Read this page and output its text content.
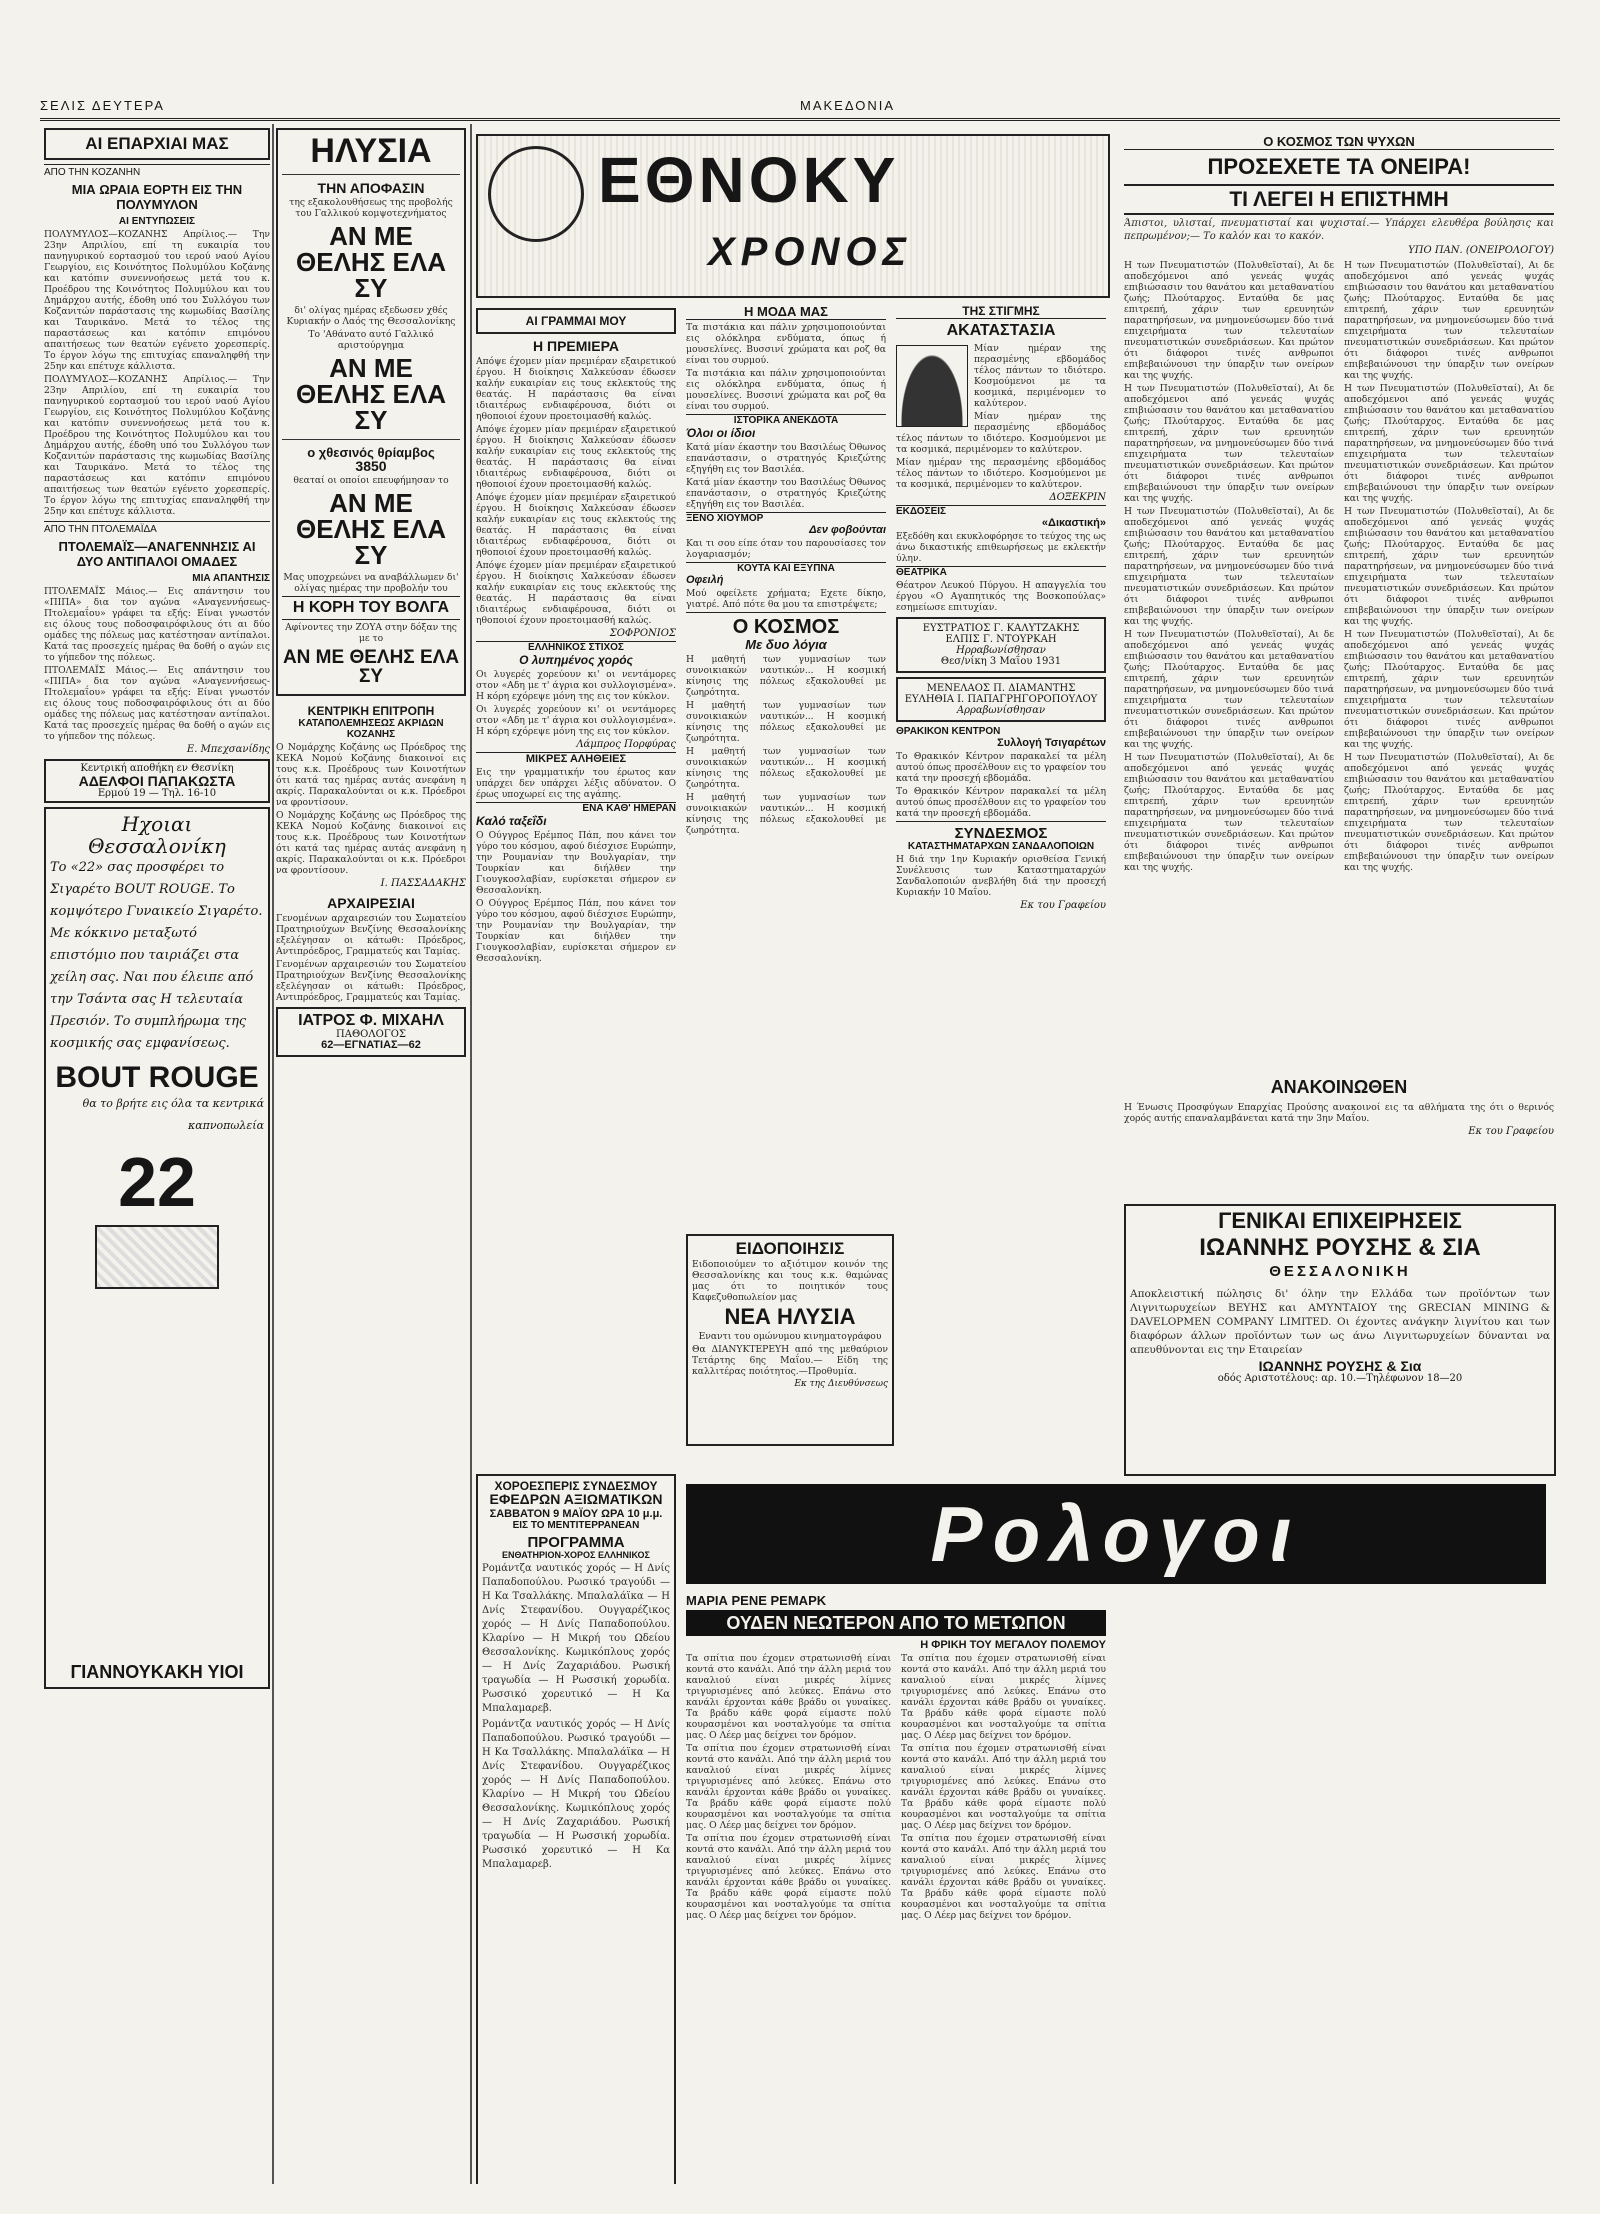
ΣΕΛΙΣ ΔΕΥΤΕΡΑ	ΜΑΚΕΔΟΝΙΑ
ΑΙ ΕΠΑΡΧΙΑΙ ΜΑΣ
ΑΠΟ ΤΗΝ ΚΟΖΑΝΗΝ
ΜΙΑ ΩΡΑΙΑ ΕΟΡΤΗ ΕΙΣ ΤΗΝ ΠΟΛΥΜΥΛΟΝ
ΑΙ ΕΝΤΥΠΩΣΕΙΣ
ΠΟΛΥΜΥΛΟΣ—ΚΟΖΑΝΗΣ Απρίλιος.— Την 23ην Απριλίου, επί τη ευκαιρία του πανηγυρικού εορτασμού του ιερού ναού Αγίου Γεωργίου, εις Κοινότητος Πολυμύλου Κοζάνης και κατόπιν συνεννοήσεως μετά του κ. Προέδρου της Κοινότητος Πολυμύλου και του Δημάρχου αυτής, έδοθη υπό του Συλλόγου των Κοζανιτών παράστασις της κωμωδίας Βασίλης και Ταυρικάνο. Μετά το τέλος της παραστάσεως και κατόπιν επιμόνου απαιτήσεως των θεατών εγένετο χορεσπερίς. Το έργον λόγω της επιτυχίας επαναληφθή την 25ην και επέτυχε κάλλιστα.
ΠΟΛΥΜΥΛΟΣ—ΚΟΖΑΝΗΣ Απρίλιος.— Την 23ην Απριλίου, επί τη ευκαιρία του πανηγυρικού εορτασμού του ιερού ναού Αγίου Γεωργίου, εις Κοινότητος Πολυμύλου Κοζάνης και κατόπιν συνεννοήσεως μετά του κ. Προέδρου της Κοινότητος Πολυμύλου και του Δημάρχου αυτής, έδοθη υπό του Συλλόγου των Κοζανιτών παράστασις της κωμωδίας Βασίλης και Ταυρικάνο. Μετά το τέλος της παραστάσεως και κατόπιν επιμόνου απαιτήσεως των θεατών εγένετο χορεσπερίς. Το έργον λόγω της επιτυχίας επαναληφθή την 25ην και επέτυχε κάλλιστα.
ΑΠΟ ΤΗΝ ΠΤΟΛΕΜΑΪΔΑ
ΠΤΟΛΕΜΑΪΣ—ΑΝΑΓΕΝΝΗΣΙΣ ΑΙ ΔΥΟ ΑΝΤΙΠΑΛΟΙ ΟΜΑΔΕΣ
ΜΙΑ ΑΠΑΝΤΗΣΙΣ
ΠΤΟΛΕΜΑΪΣ Μάιος.— Εις απάντησιν του «ΠΙΠΑ» δια τον αγώνα «Αναγεννήσεως-Πτολεμαΐου» γράφει τα εξής: Είναι γνωστόν εις όλους τους ποδοσφαιρόφιλους ότι αι δύο ομάδες της πόλεως μας κατέστησαν αντίπαλοι. Κατά τας προσεχείς ημέρας θα δοθή ο αγών εις το γήπεδον της πόλεως.
ΠΤΟΛΕΜΑΪΣ Μάιος.— Εις απάντησιν του «ΠΙΠΑ» δια τον αγώνα «Αναγεννήσεως-Πτολεμαΐου» γράφει τα εξής: Είναι γνωστόν εις όλους τους ποδοσφαιρόφιλους ότι αι δύο ομάδες της πόλεως μας κατέστησαν αντίπαλοι. Κατά τας προσεχείς ημέρας θα δοθή ο αγών εις το γήπεδον της πόλεως.
Ε. Μπεχσανίδης
Κεντρική αποθήκη εν Θεσνίκη
ΑΔΕΛΦΟΙ ΠΑΠΑΚΩΣΤΑ
Ερμού 19 — Τηλ. 16-10
Ηχοιαι Θεσσαλονίκη
Το «22» σας προσφέρει το Σιγαρέτο BOUT ROUGE. Το κομψότερο Γυναικείο Σιγαρέτο. Με κόκκινο μεταξωτό επιστόμιο που ταιριάζει στα χείλη σας. Ναι που έλειπε από την Τσάντα σας Η τελευταία Πρεσιόν. Το συμπλήρωμα της κοσμικής σας εμφανίσεως.
BOUT ROUGE
θα το βρήτε εις όλα τα κεντρικά καπνοπωλεία
22
ΓΙΑΝΝΟΥΚΑΚΗ ΥΙΟΙ
ΗΛΥΣΙΑ
ΤΗΝ ΑΠΟΦΑΣΙΝ
της εξακολουθήσεως της προβολής του Γαλλικού κομψοτεχνήματος
ΑΝ ΜΕ ΘΕΛΗΣ ΕΛΑ ΣΥ
δι' ολίγας ημέρας εξεδωσεν χθές Κυριακήν ο Λαός της Θεσσαλονίκης
Το 'Αθάνατο αυτό Γαλλικό αριστούργημα
ΑΝ ΜΕ ΘΕΛΗΣ ΕΛΑ ΣΥ
ο χθεσινός θρίαμβος
3850
θεαταί οι οποίοι επευφήμησαν το
ΑΝ ΜΕ ΘΕΛΗΣ ΕΛΑ ΣΥ
Μας υποχρεώνει να αναβάλλωμεν δι' ολίγας ημέρας την προβολήν του
Η ΚΟΡΗ ΤΟΥ ΒΟΛΓΑ
Αφίνοντες την ΖΟΥΑ στην δόξαν της με το
ΑΝ ΜΕ ΘΕΛΗΣ ΕΛΑ ΣΥ
ΚΕΝΤΡΙΚΗ ΕΠΙΤΡΟΠΗ
ΚΑΤΑΠΟΛΕΜΗΣΕΩΣ ΑΚΡΙΔΩΝ ΚΟΖΑΝΗΣ
Ο Νομάρχης Κοζάνης ως Πρόεδρος της ΚΕΚΑ Νομού Κοζάνης διακοινοί εις τους κ.κ. Προέδρους των Κοινοτήτων ότι κατά τας ημέρας αυτάς ανεφάνη η ακρίς. Παρακαλούνται οι κ.κ. Πρόεδροι να φροντίσουν.
Ο Νομάρχης Κοζάνης ως Πρόεδρος της ΚΕΚΑ Νομού Κοζάνης διακοινοί εις τους κ.κ. Προέδρους των Κοινοτήτων ότι κατά τας ημέρας αυτάς ανεφάνη η ακρίς. Παρακαλούνται οι κ.κ. Πρόεδροι να φροντίσουν.
Ι. ΠΑΣΣΑΔΑΚΗΣ
ΑΡΧΑΙΡΕΣΙΑΙ
Γενομένων αρχαιρεσιών του Σωματείου Πρατηριούχων Βενζίνης Θεσσαλονίκης εξελέγησαν οι κάτωθι: Πρόεδρος, Αντιπρόεδρος, Γραμματεύς και Ταμίας.
Γενομένων αρχαιρεσιών του Σωματείου Πρατηριούχων Βενζίνης Θεσσαλονίκης εξελέγησαν οι κάτωθι: Πρόεδρος, Αντιπρόεδρος, Γραμματεύς και Ταμίας.
ΙΑΤΡΟΣ Φ. ΜΙΧΑΗΛ
ΠΑΘΟΛΟΓΟΣ
62—ΕΓΝΑΤΙΑΣ—62
ΕΘΝΟΚΥ
ΧΡΟΝΟΣ
Ο ΚΟΣΜΟΣ ΤΩΝ ΨΥΧΩΝ
ΠΡΟΣΕΧΕΤΕ ΤΑ ΟΝΕΙΡΑ!
ΤΙ ΛΕΓΕΙ Η ΕΠΙΣΤΗΜΗ
Άπιστοι, υλισταί, πνευματισταί και ψυχισταί.— Υπάρχει ελευθέρα βούλησις και πεπρωμένον;— Το καλόν και το κακόν.
ΥΠΟ ΠΑΝ. (ΟΝΕΙΡΟΛΟΓΟΥ)
Η των Πνευματιστών (Πολυθεϊσταί), Αι δε αποδεχόμενοι από γενεάς ψυχάς επιβιώσασιν του θανάτου και μεταθανατίου ζωής; Πλούταρχος. Ενταύθα δε μας επιτρεπή, χάριν των ερευνητών παρατηρήσεων, να μνημονεύσωμεν δύο τινά επιχειρήματα των τελευταίων πνευματιστικών συνεδριάσεων. Και πρώτον ότι διάφοροι τινές ανθρωποι επιβεβαιώνουσι την ύπαρξιν των ονείρων και της ψυχής.
Η των Πνευματιστών (Πολυθεϊσταί), Αι δε αποδεχόμενοι από γενεάς ψυχάς επιβιώσασιν του θανάτου και μεταθανατίου ζωής; Πλούταρχος. Ενταύθα δε μας επιτρεπή, χάριν των ερευνητών παρατηρήσεων, να μνημονεύσωμεν δύο τινά επιχειρήματα των τελευταίων πνευματιστικών συνεδριάσεων. Και πρώτον ότι διάφοροι τινές ανθρωποι επιβεβαιώνουσι την ύπαρξιν των ονείρων και της ψυχής.
Η των Πνευματιστών (Πολυθεϊσταί), Αι δε αποδεχόμενοι από γενεάς ψυχάς επιβιώσασιν του θανάτου και μεταθανατίου ζωής; Πλούταρχος. Ενταύθα δε μας επιτρεπή, χάριν των ερευνητών παρατηρήσεων, να μνημονεύσωμεν δύο τινά επιχειρήματα των τελευταίων πνευματιστικών συνεδριάσεων. Και πρώτον ότι διάφοροι τινές ανθρωποι επιβεβαιώνουσι την ύπαρξιν των ονείρων και της ψυχής.
Η των Πνευματιστών (Πολυθεϊσταί), Αι δε αποδεχόμενοι από γενεάς ψυχάς επιβιώσασιν του θανάτου και μεταθανατίου ζωής; Πλούταρχος. Ενταύθα δε μας επιτρεπή, χάριν των ερευνητών παρατηρήσεων, να μνημονεύσωμεν δύο τινά επιχειρήματα των τελευταίων πνευματιστικών συνεδριάσεων. Και πρώτον ότι διάφοροι τινές ανθρωποι επιβεβαιώνουσι την ύπαρξιν των ονείρων και της ψυχής.
Η των Πνευματιστών (Πολυθεϊσταί), Αι δε αποδεχόμενοι από γενεάς ψυχάς επιβιώσασιν του θανάτου και μεταθανατίου ζωής; Πλούταρχος. Ενταύθα δε μας επιτρεπή, χάριν των ερευνητών παρατηρήσεων, να μνημονεύσωμεν δύο τινά επιχειρήματα των τελευταίων πνευματιστικών συνεδριάσεων. Και πρώτον ότι διάφοροι τινές ανθρωποι επιβεβαιώνουσι την ύπαρξιν των ονείρων και της ψυχής.
Η των Πνευματιστών (Πολυθεϊσταί), Αι δε αποδεχόμενοι από γενεάς ψυχάς επιβιώσασιν του θανάτου και μεταθανατίου ζωής; Πλούταρχος. Ενταύθα δε μας επιτρεπή, χάριν των ερευνητών παρατηρήσεων, να μνημονεύσωμεν δύο τινά επιχειρήματα των τελευταίων πνευματιστικών συνεδριάσεων. Και πρώτον ότι διάφοροι τινές ανθρωποι επιβεβαιώνουσι την ύπαρξιν των ονείρων και της ψυχής.
Η των Πνευματιστών (Πολυθεϊσταί), Αι δε αποδεχόμενοι από γενεάς ψυχάς επιβιώσασιν του θανάτου και μεταθανατίου ζωής; Πλούταρχος. Ενταύθα δε μας επιτρεπή, χάριν των ερευνητών παρατηρήσεων, να μνημονεύσωμεν δύο τινά επιχειρήματα των τελευταίων πνευματιστικών συνεδριάσεων. Και πρώτον ότι διάφοροι τινές ανθρωποι επιβεβαιώνουσι την ύπαρξιν των ονείρων και της ψυχής.
Η των Πνευματιστών (Πολυθεϊσταί), Αι δε αποδεχόμενοι από γενεάς ψυχάς επιβιώσασιν του θανάτου και μεταθανατίου ζωής; Πλούταρχος. Ενταύθα δε μας επιτρεπή, χάριν των ερευνητών παρατηρήσεων, να μνημονεύσωμεν δύο τινά επιχειρήματα των τελευταίων πνευματιστικών συνεδριάσεων. Και πρώτον ότι διάφοροι τινές ανθρωποι επιβεβαιώνουσι την ύπαρξιν των ονείρων και της ψυχής.
Η των Πνευματιστών (Πολυθεϊσταί), Αι δε αποδεχόμενοι από γενεάς ψυχάς επιβιώσασιν του θανάτου και μεταθανατίου ζωής; Πλούταρχος. Ενταύθα δε μας επιτρεπή, χάριν των ερευνητών παρατηρήσεων, να μνημονεύσωμεν δύο τινά επιχειρήματα των τελευταίων πνευματιστικών συνεδριάσεων. Και πρώτον ότι διάφοροι τινές ανθρωποι επιβεβαιώνουσι την ύπαρξιν των ονείρων και της ψυχής.
Η των Πνευματιστών (Πολυθεϊσταί), Αι δε αποδεχόμενοι από γενεάς ψυχάς επιβιώσασιν του θανάτου και μεταθανατίου ζωής; Πλούταρχος. Ενταύθα δε μας επιτρεπή, χάριν των ερευνητών παρατηρήσεων, να μνημονεύσωμεν δύο τινά επιχειρήματα των τελευταίων πνευματιστικών συνεδριάσεων. Και πρώτον ότι διάφοροι τινές ανθρωποι επιβεβαιώνουσι την ύπαρξιν των ονείρων και της ψυχής.
ΑΝΑΚΟΙΝΩΘΕΝ
Η Ένωσις Προσφύγων Επαρχίας Προύσης ανακοινοί εις τα αθλήματα της ότι ο θερινός χορός αυτής επαναλαμβάνεται κατά την 3ην Μαΐου.
Εκ του Γραφείου
ΓΕΝΙΚΑΙ ΕΠΙΧΕΙΡΗΣΕΙΣ
ΙΩΑΝΝΗΣ ΡΟΥΣΗΣ & ΣΙΑ
ΘΕΣΣΑΛΟΝΙΚΗ
Αποκλειστική πώλησις δι' όλην την Ελλάδα των προϊόντων των Λιγνιτωρυχείων ΒΕΥΗΣ και ΑΜΥΝΤΑΙΟΥ της GRECIAN MINING & DAVELOPMEN COMPANY LIMITED. Οι έχοντες ανάγκην λιγνίτου και των διαφόρων άλλων προϊόντων των ως άνω Λιγνιτωρυχείων δύνανται να απευθύνονται εις την Εταιρείαν
ΙΩΑΝΝΗΣ ΡΟΥΣΗΣ & Σια
οδός Αριστοτέλους: αρ. 10.—Τηλέφωνον 18—20
ΑΙ ΓΡΑΜΜΑΙ ΜΟΥ
Η ΠΡΕΜΙΕΡΑ
Απόψε έχομεν μίαν πρεμιέραν εξαιρετικού έργου. Η διοίκησις Χαλκεύσαν έδωσεν καλήν ευκαιρίαν εις τους εκλεκτούς της θεατάς. Η παράστασις θα είναι ιδιαιτέρως ενδιαφέρουσα, διότι οι ηθοποιοί έχουν προετοιμασθή καλώς.
Απόψε έχομεν μίαν πρεμιέραν εξαιρετικού έργου. Η διοίκησις Χαλκεύσαν έδωσεν καλήν ευκαιρίαν εις τους εκλεκτούς της θεατάς. Η παράστασις θα είναι ιδιαιτέρως ενδιαφέρουσα, διότι οι ηθοποιοί έχουν προετοιμασθή καλώς.
Απόψε έχομεν μίαν πρεμιέραν εξαιρετικού έργου. Η διοίκησις Χαλκεύσαν έδωσεν καλήν ευκαιρίαν εις τους εκλεκτούς της θεατάς. Η παράστασις θα είναι ιδιαιτέρως ενδιαφέρουσα, διότι οι ηθοποιοί έχουν προετοιμασθή καλώς.
Απόψε έχομεν μίαν πρεμιέραν εξαιρετικού έργου. Η διοίκησις Χαλκεύσαν έδωσεν καλήν ευκαιρίαν εις τους εκλεκτούς της θεατάς. Η παράστασις θα είναι ιδιαιτέρως ενδιαφέρουσα, διότι οι ηθοποιοί έχουν προετοιμασθή καλώς.
ΣΟΦΡΟΝΙΟΣ
ΕΛΛΗΝΙΚΟΣ ΣΤΙΧΟΣ
Ο λυπημένος χορός
Οι λυγερές χορεύουν κι' οι νεντάμορες στον «Αδη με τ' άγρια κοι συλλογισμένα». Η κόρη εχόρεψε μόνη της εις τον κύκλον.
Οι λυγερές χορεύουν κι' οι νεντάμορες στον «Αδη με τ' άγρια κοι συλλογισμένα». Η κόρη εχόρεψε μόνη της εις τον κύκλον.
Λάμπρος Πορφύρας
ΜΙΚΡΕΣ ΑΛΗΘΕΙΕΣ
Εις την γραμματικήν του έρωτος καν υπάρχει δεν υπάρχει λέξις αδύνατον. Ο έρως υποχωρεί εις της αγάπης.
ΕΝΑ ΚΑΘ' ΗΜΕΡΑΝ
Καλό ταξεΐδι
Ο Ούγγρος Ερέμπος Πάπ, που κάνει τον γύρο του κόσμου, αφού διέσχισε Ευρώπην, την Ρουμανίαν την Βουλγαρίαν, την Τουρκίαν και διήλθεν την Γιουγκοσλαβίαν, ευρίσκεται σήμερον εν Θεσσαλονίκη.
Ο Ούγγρος Ερέμπος Πάπ, που κάνει τον γύρο του κόσμου, αφού διέσχισε Ευρώπην, την Ρουμανίαν την Βουλγαρίαν, την Τουρκίαν και διήλθεν την Γιουγκοσλαβίαν, ευρίσκεται σήμερον εν Θεσσαλονίκη.
Η ΜΟΔΑ ΜΑΣ
Τα πιστάκια και πάλιν χρησιμοποιούνται εις ολόκληρα ενδύματα, όπως ή μουσελίνες. Βυσσινί χρώματα και ροζ θα είναι του συρμού.
Τα πιστάκια και πάλιν χρησιμοποιούνται εις ολόκληρα ενδύματα, όπως ή μουσελίνες. Βυσσινί χρώματα και ροζ θα είναι του συρμού.
ΙΣΤΟΡΙΚΑ ΑΝΕΚΔΟΤΑ
Όλοι οι ίδιοι
Κατά μίαν έκαστην του Βασιλέως Όθωνος επανάστασιν, ο στρατηγός Κριεζώτης εξηγήθη εις τον Βασιλέα.
Κατά μίαν έκαστην του Βασιλέως Όθωνος επανάστασιν, ο στρατηγός Κριεζώτης εξηγήθη εις τον Βασιλέα.
ΞΕΝΟ ΧΙΟΥΜΟΡ
Δεν φοβούνται
Και τι σου είπε όταν του παρουσίασες τον λογαριασμόν;
ΚΟΥΤΑ ΚΑΙ ΕΞΥΠΝΑ
Οφειλή
Μού οφείλετε χρήματα; Εχετε δίκηο, γιατρέ. Από πότε θα μου τα επιστρέψετε;
Ο ΚΟΣΜΟΣ
Με δυο λόγια
Η μαθητή των γυμνασίων των συνοικιακών ναυτικών... Η κοσμική κίνησις της πόλεως εξακολουθεί με ζωηρότητα.
Η μαθητή των γυμνασίων των συνοικιακών ναυτικών... Η κοσμική κίνησις της πόλεως εξακολουθεί με ζωηρότητα.
Η μαθητή των γυμνασίων των συνοικιακών ναυτικών... Η κοσμική κίνησις της πόλεως εξακολουθεί με ζωηρότητα.
Η μαθητή των γυμνασίων των συνοικιακών ναυτικών... Η κοσμική κίνησις της πόλεως εξακολουθεί με ζωηρότητα.
ΤΗΣ ΣΤΙΓΜΗΣ
ΑΚΑΤΑΣΤΑΣΙΑ
Μίαν ημέραν της περασμένης εβδομάδος τέλος πάντων το ιδιότερο. Κοσμούμενοι με τα κοσμικά, περιμένομεν το καλύτερον.
Μίαν ημέραν της περασμένης εβδομάδος τέλος πάντων το ιδιότερο. Κοσμούμενοι με τα κοσμικά, περιμένομεν το καλύτερον.
Μίαν ημέραν της περασμένης εβδομάδος τέλος πάντων το ιδιότερο. Κοσμούμενοι με τα κοσμικά, περιμένομεν το καλύτερον.
ΔΟΞΕΚΡΙΝ
ΕΚΔΟΣΕΙΣ
«Δικαστική»
Εξεδόθη και εκυκλοφόρησε το τεύχος της ως άνω δικαστικής επιθεωρήσεως με εκλεκτήν ύλην.
ΘΕΑΤΡΙΚΑ
Θέατρον Λευκού Πύργου. Η απαγγελία του έργου «Ο Αγαπητικός της Βοσκοπούλας» εσημείωσε επιτυχίαν.
ΕΥΣΤΡΑΤΙΟΣ Γ. ΚΑΛΥΤΖΑΚΗΣ
ΕΛΠΙΣ Γ. ΝΤΟΥΡΚΑΗ
Ηρραβωνίσθησαν
Θεσ/νίκη 3 Μαΐου 1931
ΜΕΝΕΛΑΟΣ Π. ΔΙΑΜΑΝΤΗΣ
ΕΥΛΗΘΙΑ Ι. ΠΑΠΑΓΡΗΓΟΡΟΠΟΥΛΟΥ
Αρραβωνίσθησαν
ΘΡΑΚΙΚΟΝ ΚΕΝΤΡΟΝ
Συλλογή Τσιγαρέτων
Το Θρακικόν Κέντρον παρακαλεί τα μέλη αυτού όπως προσέλθουν εις το γραφείον του κατά την προσεχή εβδομάδα.
Το Θρακικόν Κέντρον παρακαλεί τα μέλη αυτού όπως προσέλθουν εις το γραφείον του κατά την προσεχή εβδομάδα.
ΣΥΝΔΕΣΜΟΣ
ΚΑΤΑΣΤΗΜΑΤΑΡΧΩΝ ΣΑΝΔΑΛΟΠΟΙΩΝ
Η διά την 1ην Κυριακήν ορισθείσα Γενική Συνέλευσις των Καταστηματαρχών Σανδαλοποιών ανεβλήθη διά την προσεχή Κυριακήν 10 Μαΐου.
Εκ του Γραφείου
ΕΙΔΟΠΟΙΗΣΙΣ
Ειδοποιούμεν το αξιότιμον κοινόν της Θεσσαλονίκης και τους κ.κ. θαμώνας μας ότι το ποιητικόν τους Καφεζυθοπωλείον μας
ΝΕΑ ΗΛΥΣΙΑ
Εναντι του ομώνυμου κινηματογράφου
Θα ΔΙΑΝΥΚΤΕΡΕΥΗ από της μεθαύριον Τετάρτης 6ης Μαΐου.— Είδη της καλλιτέρας ποιότητος.—Προθυμία.
Εκ της Διευθύνσεως
ΧΟΡΟΕΣΠΕΡΙΣ ΣΥΝΔΕΣΜΟΥ
ΕΦΕΔΡΩΝ ΑΞΙΩΜΑΤΙΚΩΝ
ΣΑΒΒΑΤΟΝ 9 ΜΑΪΟΥ ΩΡΑ 10 μ.μ.
ΕΙΣ ΤΟ ΜΕΝΤΙΤΕΡΡΑΝΕΑΝ
ΠΡΟΓΡΑΜΜΑ
ΕΝΘΑΤΗΡΙΟΝ-ΧΟΡΟΣ ΕΛΛΗΝΙΚΟΣ
Ρομάντζα ναυτικός χορός — Η Δνίς Παπαδοπούλου. Ρωσικό τραγούδι — Η Κα Τσαλλάκης. Μπαλαλάϊκα — Η Δνίς Στεφανίδου. Ουγγαρέζικος χορός — Η Δνίς Παπαδοπούλου. Κλαρίνο — Η Μικρή του Ωδείου Θεσσαλονίκης. Κωμικόπλους χορός — Η Δνίς Ζαχαριάδου. Ρωσική τραγωδία — Η Ρωσσική χορωδία. Ρωσσικό χορευτικό — Η Κα Μπαλαμαρεβ.
Ρομάντζα ναυτικός χορός — Η Δνίς Παπαδοπούλου. Ρωσικό τραγούδι — Η Κα Τσαλλάκης. Μπαλαλάϊκα — Η Δνίς Στεφανίδου. Ουγγαρέζικος χορός — Η Δνίς Παπαδοπούλου. Κλαρίνο — Η Μικρή του Ωδείου Θεσσαλονίκης. Κωμικόπλους χορός — Η Δνίς Ζαχαριάδου. Ρωσική τραγωδία — Η Ρωσσική χορωδία. Ρωσσικό χορευτικό — Η Κα Μπαλαμαρεβ.
Ρολογοι
ΜΑΡΙΑ ΡΕΝΕ ΡΕΜΑΡΚ
ΟΥΔΕΝ ΝΕΩΤΕΡΟΝ ΑΠΟ ΤΟ ΜΕΤΩΠΟΝ
Η ΦΡΙΚΗ ΤΟΥ ΜΕΓΑΛΟΥ ΠΟΛΕΜΟΥ
Τα σπίτια που έχομεν στρατωνισθή είναι κοντά στο κανάλι. Από την άλλη μεριά του καναλιού είναι μικρές λίμνες τριγυρισμένες από λεύκες. Επάνω στο κανάλι έρχονται κάθε βράδυ οι γυναίκες. Τα βράδυ κάθε φορά είμαστε πολύ κουρασμένοι και νοσταλγούμε τα σπίτια μας. Ο Λέερ μας δείχνει τον δρόμον.
Τα σπίτια που έχομεν στρατωνισθή είναι κοντά στο κανάλι. Από την άλλη μεριά του καναλιού είναι μικρές λίμνες τριγυρισμένες από λεύκες. Επάνω στο κανάλι έρχονται κάθε βράδυ οι γυναίκες. Τα βράδυ κάθε φορά είμαστε πολύ κουρασμένοι και νοσταλγούμε τα σπίτια μας. Ο Λέερ μας δείχνει τον δρόμον.
Τα σπίτια που έχομεν στρατωνισθή είναι κοντά στο κανάλι. Από την άλλη μεριά του καναλιού είναι μικρές λίμνες τριγυρισμένες από λεύκες. Επάνω στο κανάλι έρχονται κάθε βράδυ οι γυναίκες. Τα βράδυ κάθε φορά είμαστε πολύ κουρασμένοι και νοσταλγούμε τα σπίτια μας. Ο Λέερ μας δείχνει τον δρόμον.
Τα σπίτια που έχομεν στρατωνισθή είναι κοντά στο κανάλι. Από την άλλη μεριά του καναλιού είναι μικρές λίμνες τριγυρισμένες από λεύκες. Επάνω στο κανάλι έρχονται κάθε βράδυ οι γυναίκες. Τα βράδυ κάθε φορά είμαστε πολύ κουρασμένοι και νοσταλγούμε τα σπίτια μας. Ο Λέερ μας δείχνει τον δρόμον.
Τα σπίτια που έχομεν στρατωνισθή είναι κοντά στο κανάλι. Από την άλλη μεριά του καναλιού είναι μικρές λίμνες τριγυρισμένες από λεύκες. Επάνω στο κανάλι έρχονται κάθε βράδυ οι γυναίκες. Τα βράδυ κάθε φορά είμαστε πολύ κουρασμένοι και νοσταλγούμε τα σπίτια μας. Ο Λέερ μας δείχνει τον δρόμον.
Τα σπίτια που έχομεν στρατωνισθή είναι κοντά στο κανάλι. Από την άλλη μεριά του καναλιού είναι μικρές λίμνες τριγυρισμένες από λεύκες. Επάνω στο κανάλι έρχονται κάθε βράδυ οι γυναίκες. Τα βράδυ κάθε φορά είμαστε πολύ κουρασμένοι και νοσταλγούμε τα σπίτια μας. Ο Λέερ μας δείχνει τον δρόμον.
